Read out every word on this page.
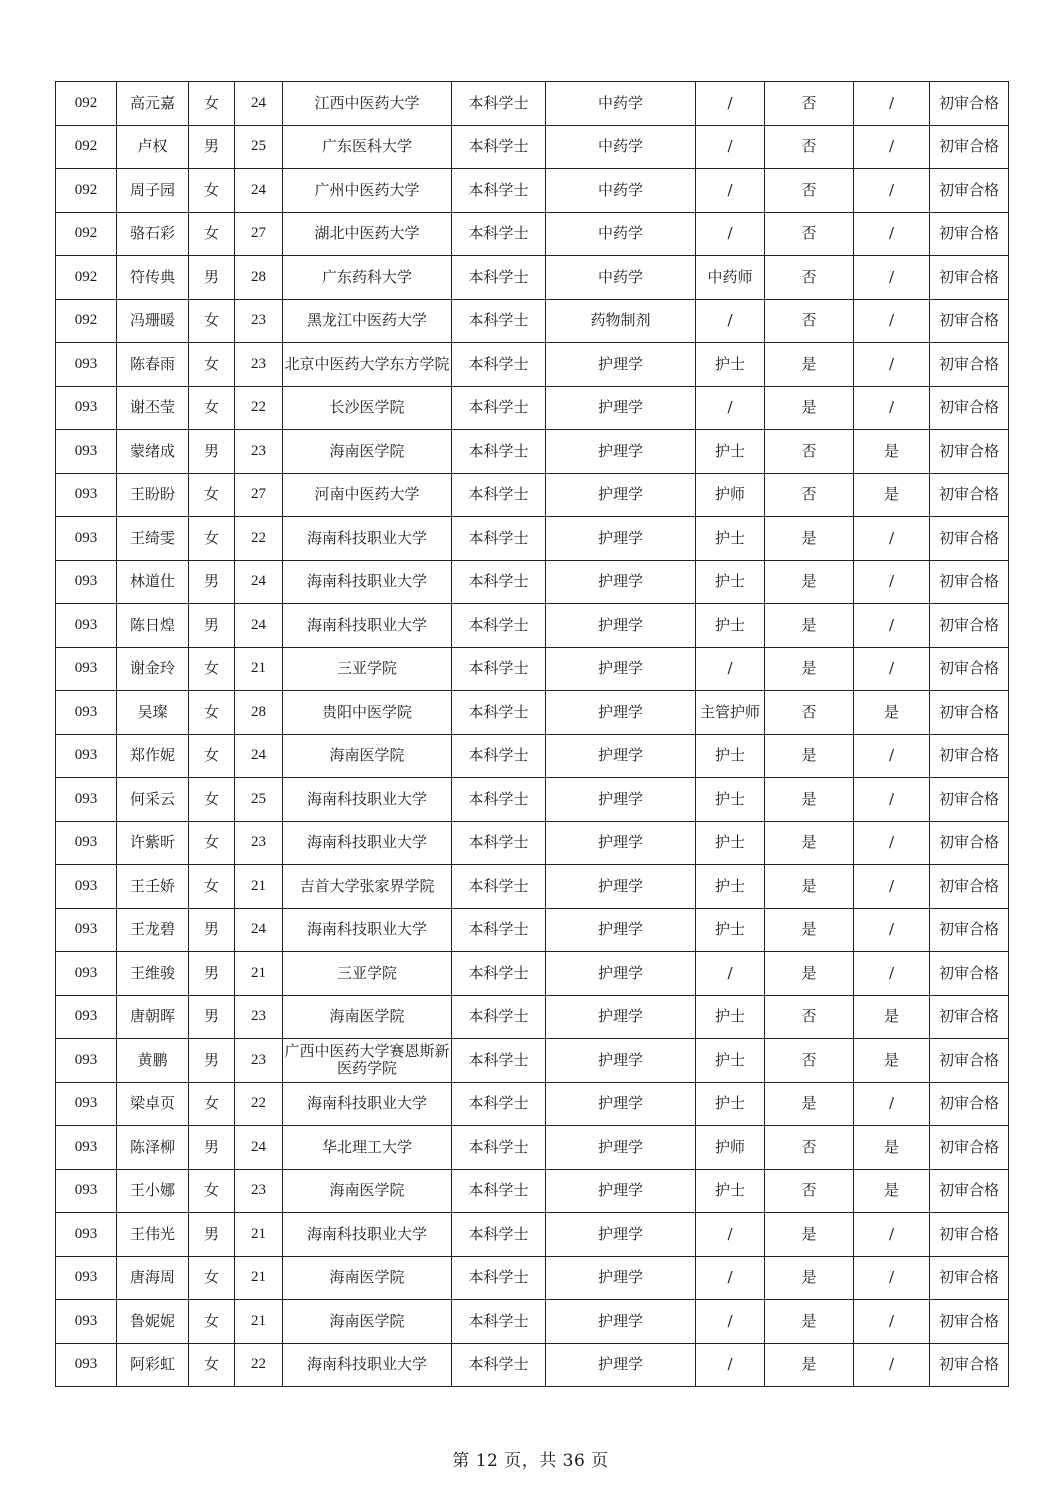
092	高元嘉	女	24	江西中医药大学	本科学士	中药学	/	否	/	初审合格
092	卢权	男	25	广东医科大学	本科学士	中药学	/	否	/	初审合格
092	周子园	女	24	广州中医药大学	本科学士	中药学	/	否	/	初审合格
092	骆石彩	女	27	湖北中医药大学	本科学士	中药学	/	否	/	初审合格
092	符传典	男	28	广东药科大学	本科学士	中药学	中药师	否	/	初审合格
092	冯珊暖	女	23	黑龙江中医药大学	本科学士	药物制剂	/	否	/	初审合格
093	陈春雨	女	23	北京中医药大学东方学院	本科学士	护理学	护士	是	/	初审合格
093	谢丕莹	女	22	长沙医学院	本科学士	护理学	/	是	/	初审合格
093	蒙绪成	男	23	海南医学院	本科学士	护理学	护士	否	是	初审合格
093	王盼盼	女	27	河南中医药大学	本科学士	护理学	护师	否	是	初审合格
093	王绮雯	女	22	海南科技职业大学	本科学士	护理学	护士	是	/	初审合格
093	林道仕	男	24	海南科技职业大学	本科学士	护理学	护士	是	/	初审合格
093	陈日煌	男	24	海南科技职业大学	本科学士	护理学	护士	是	/	初审合格
093	谢金玲	女	21	三亚学院	本科学士	护理学	/	是	/	初审合格
093	吴璨	女	28	贵阳中医学院	本科学士	护理学	主管护师	否	是	初审合格
093	郑作妮	女	24	海南医学院	本科学士	护理学	护士	是	/	初审合格
093	何采云	女	25	海南科技职业大学	本科学士	护理学	护士	是	/	初审合格
093	许紫昕	女	23	海南科技职业大学	本科学士	护理学	护士	是	/	初审合格
093	王壬娇	女	21	吉首大学张家界学院	本科学士	护理学	护士	是	/	初审合格
093	王龙碧	男	24	海南科技职业大学	本科学士	护理学	护士	是	/	初审合格
093	王维骏	男	21	三亚学院	本科学士	护理学	/	是	/	初审合格
093	唐朝晖	男	23	海南医学院	本科学士	护理学	护士	否	是	初审合格
093	黄鹏	男	23	广西中医药大学赛恩斯新医药学院	本科学士	护理学	护士	否	是	初审合格
093	梁卓页	女	22	海南科技职业大学	本科学士	护理学	护士	是	/	初审合格
093	陈泽柳	男	24	华北理工大学	本科学士	护理学	护师	否	是	初审合格
093	王小娜	女	23	海南医学院	本科学士	护理学	护士	否	是	初审合格
093	王伟光	男	21	海南科技职业大学	本科学士	护理学	/	是	/	初审合格
093	唐海周	女	21	海南医学院	本科学士	护理学	/	是	/	初审合格
093	鲁妮妮	女	21	海南医学院	本科学士	护理学	/	是	/	初审合格
093	阿彩虹	女	22	海南科技职业大学	本科学士	护理学	/	是	/	初审合格
第 12 页，共 36 页
